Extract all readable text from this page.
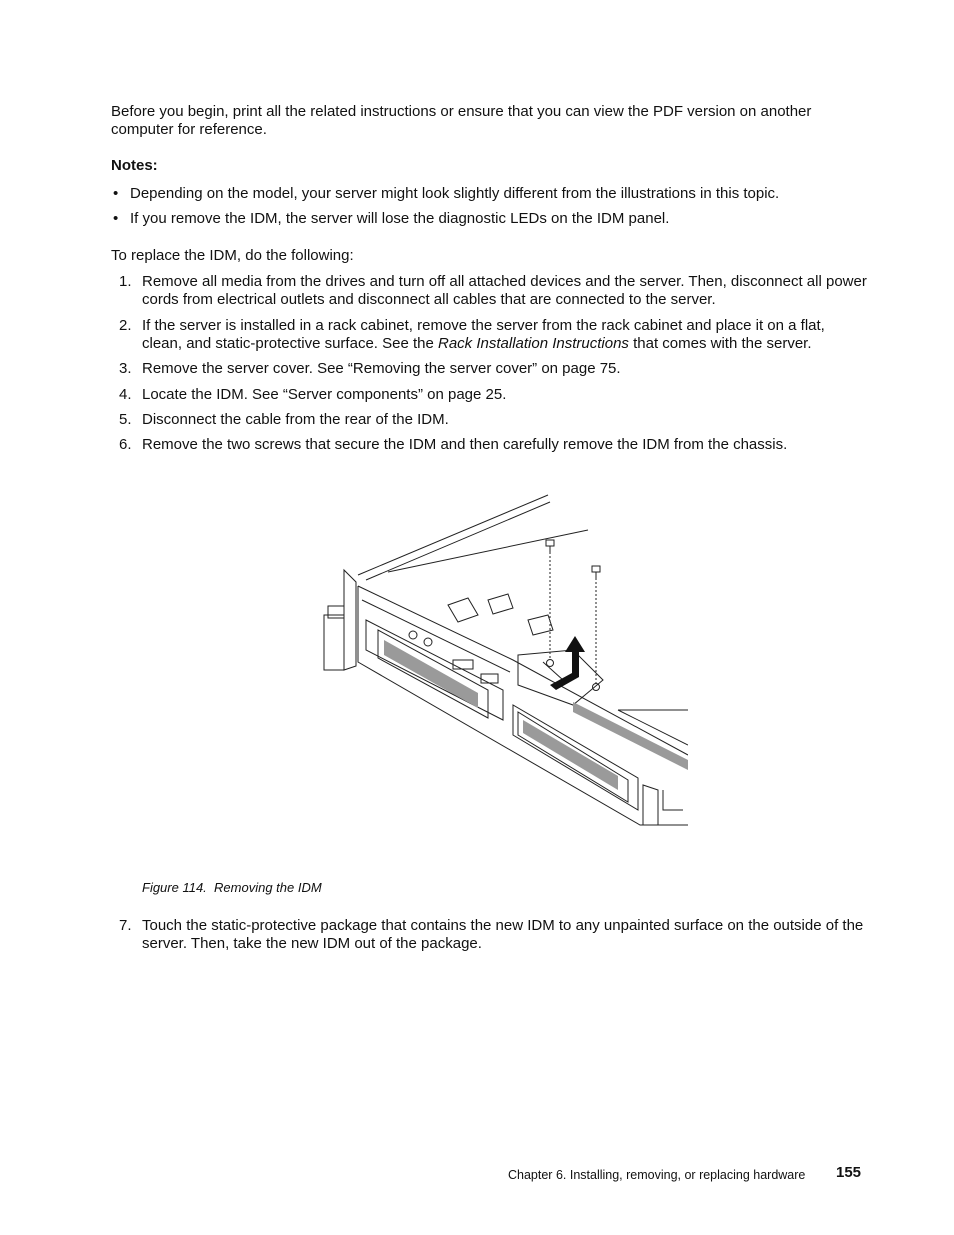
Before you begin, print all the related instructions or ensure that you can view the PDF version on another computer for reference.
Notes:
• Depending on the model, your server might look slightly different from the illustrations in this topic.
• If you remove the IDM, the server will lose the diagnostic LEDs on the IDM panel.
To replace the IDM, do the following:
1. Remove all media from the drives and turn off all attached devices and the server. Then, disconnect all power cords from electrical outlets and disconnect all cables that are connected to the server.
2. If the server is installed in a rack cabinet, remove the server from the rack cabinet and place it on a flat, clean, and static-protective surface. See the Rack Installation Instructions that comes with the server.
3. Remove the server cover. See “Removing the server cover” on page 75.
4. Locate the IDM. See “Server components” on page 25.
5. Disconnect the cable from the rear of the IDM.
6. Remove the two screws that secure the IDM and then carefully remove the IDM from the chassis.
Figure 114. Removing the IDM
7. Touch the static-protective package that contains the new IDM to any unpainted surface on the outside of the server. Then, take the new IDM out of the package.
Chapter 6. Installing, removing, or replacing hardware 155
